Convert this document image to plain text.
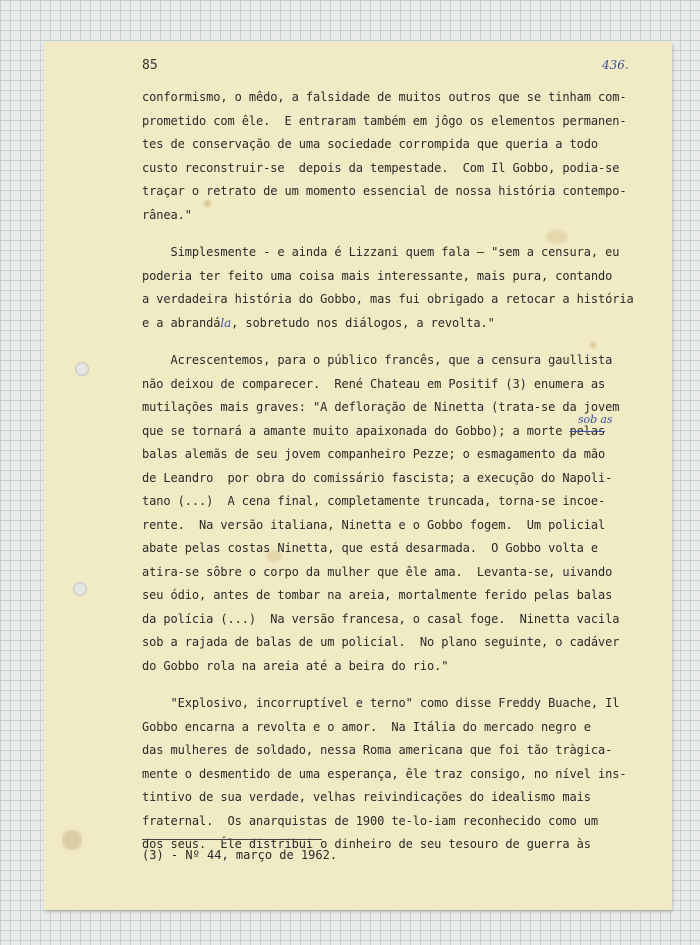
85	436.
conformismo, o mêdo, a falsidade de muitos outros que se tinham com-
prometido com êle.  E entraram também em jôgo os elementos permanen-
tes de conservação de uma sociedade corrompida que queria a todo
custo reconstruir-se  depois da tempestade.  Com Il Gobbo, podia-se
traçar o retrato de um momento essencial de nossa história contempo-
rânea."
Simplesmente - e ainda é Lizzani quem fala — "sem a censura, eu
poderia ter feito uma coisa mais interessante, mais pura, contando
a verdadeira história do Gobbo, mas fui obrigado a retocar a história
e a abrandála, sobretudo nos diálogos, a revolta."
Acrescentemos, para o público francês, que a censura gaullista
não deixou de comparecer.  René Chateau em Positif (3) enumera as
mutilações mais graves: "A defloração de Ninetta (trata-se da jovem
que se tornará a amante muito apaixonada do Gobbo); a morte pelas
sob as
balas alemãs de seu jovem companheiro Pezze; o esmagamento da mão
de Leandro  por obra do comissário fascista; a execução do Napoli-
tano (...)  A cena final, completamente truncada, torna-se incoe-
rente.  Na versão italiana, Ninetta e o Gobbo fogem.  Um policial
abate pelas costas Ninetta, que está desarmada.  O Gobbo volta e
atira-se sôbre o corpo da mulher que êle ama.  Levanta-se, uivando
seu ódio, antes de tombar na areia, mortalmente ferido pelas balas
da polícia (...)  Na versão francesa, o casal foge.  Ninetta vacila
sob a rajada de balas de um policial.  No plano seguinte, o cadáver
do Gobbo rola na areia até a beira do rio."
"Explosivo, incorruptível e terno" como disse Freddy Buache, Il
Gobbo encarna a revolta e o amor.  Na Itália do mercado negro e
das mulheres de soldado, nessa Roma americana que foi tão tràgica-
mente o desmentido de uma esperança, êle traz consigo, no nível ins-
tintivo de sua verdade, velhas reivindicações do idealismo mais
fraternal.  Os anarquistas de 1900 te-lo-iam reconhecido como um
dos seus.  Êle distribui o dinheiro de seu tesouro de guerra às
(3) - Nº 44, março de 1962.
